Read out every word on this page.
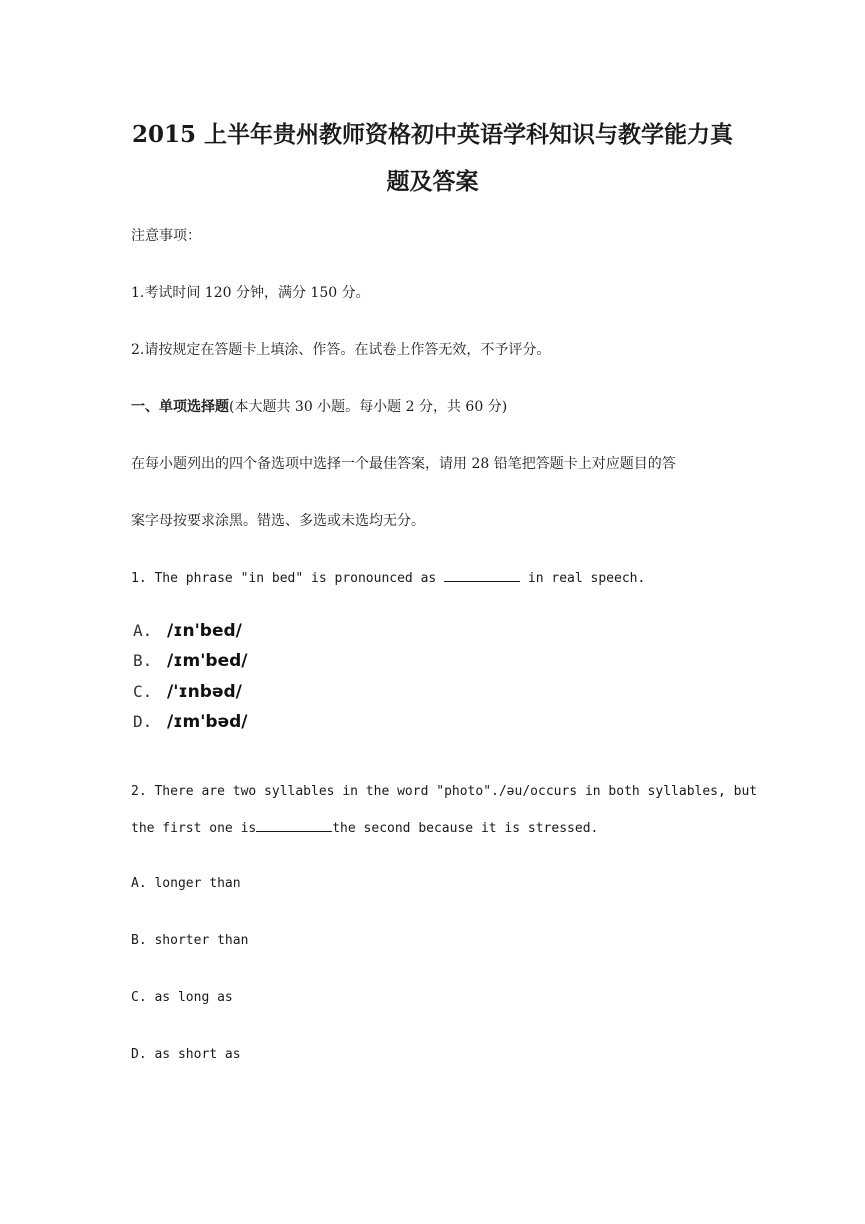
2015 上半年贵州教师资格初中英语学科知识与教学能力真
题及答案

注意事项：

1.考试时间 120 分钟，满分 150 分。

2.请按规定在答题卡上填涂、作答。在试卷上作答无效，不予评分。

一、单项选择题(本大题共 30 小题。每小题 2 分，共 60 分)

在每小题列出的四个备选项中选择一个最佳答案，请用 28 铅笔把答题卡上对应题目的答

案字母按要求涂黑。错选、多选或未选均无分。

1. The phrase "in bed" is pronounced as	in real speech.

A. /ɪn'bed/
B. /ɪm'bed/
C. /'ɪnbəd/
D. /ɪm'bəd/

2. There are two syllables in the word "photo"./əu/occurs in both syllables, but

the first one is	the second because it is stressed.

A. longer than

B. shorter than

C. as long as

D. as short as
